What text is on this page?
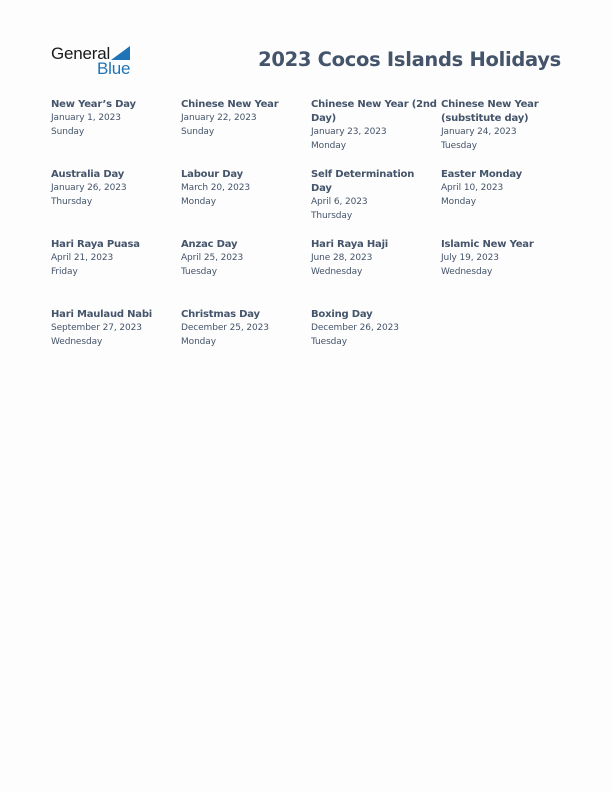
General
Blue	2023 Cocos Islands Holidays
New Year’s Day
January 1, 2023
Sunday
Chinese New Year
January 22, 2023
Sunday
Chinese New Year (2nd Day)
January 23, 2023
Monday
Chinese New Year (substitute day)
January 24, 2023
Tuesday
Australia Day
January 26, 2023
Thursday
Labour Day
March 20, 2023
Monday
Self Determination Day
April 6, 2023
Thursday
Easter Monday
April 10, 2023
Monday
Hari Raya Puasa
April 21, 2023
Friday
Anzac Day
April 25, 2023
Tuesday
Hari Raya Haji
June 28, 2023
Wednesday
Islamic New Year
July 19, 2023
Wednesday
Hari Maulaud Nabi
September 27, 2023
Wednesday
Christmas Day
December 25, 2023
Monday
Boxing Day
December 26, 2023
Tuesday
